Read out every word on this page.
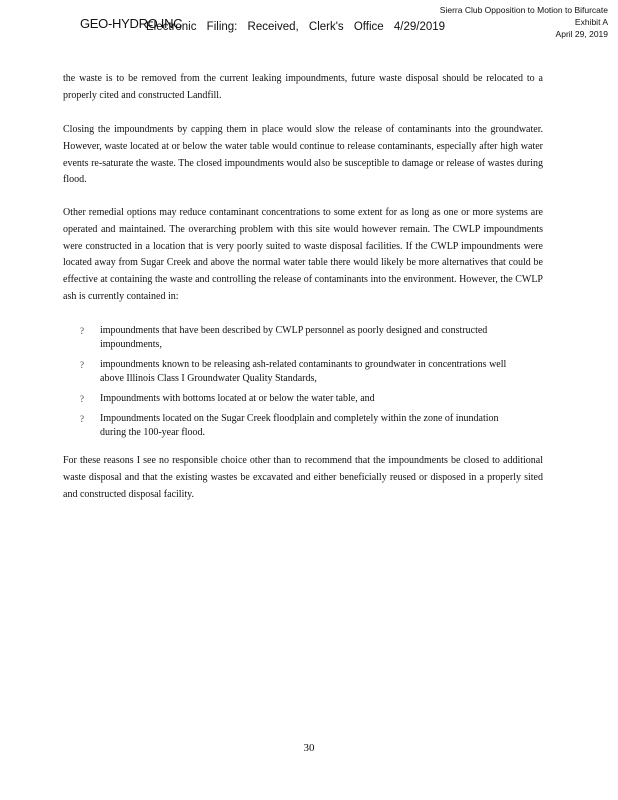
GEO-HYDRO INC
Electronic Filing: Received, Clerk's Office 4/29/2019
Sierra Club Opposition to Motion to Bifurcate
Exhibit A
April 29, 2019

the waste is to be removed from the current leaking impoundments, future waste disposal should be relocated to a properly cited and constructed Landfill.

Closing the impoundments by capping them in place would slow the release of contaminants into the groundwater. However, waste located at or below the water table would continue to release contaminants, especially after high water events re-saturate the waste. The closed impoundments would also be susceptible to damage or release of wastes during flood.

Other remedial options may reduce contaminant concentrations to some extent for as long as one or more systems are operated and maintained. The overarching problem with this site would however remain. The CWLP impoundments were constructed in a location that is very poorly suited to waste disposal facilities. If the CWLP impoundments were located away from Sugar Creek and above the normal water table there would likely be more alternatives that could be effective at containing the waste and controlling the release of contaminants into the environment. However, the CWLP ash is currently contained in:

? impoundments that have been described by CWLP personnel as poorly designed and constructed impoundments,
? impoundments known to be releasing ash-related contaminants to groundwater in concentrations well above Illinois Class I Groundwater Quality Standards,
? Impoundments with bottoms located at or below the water table, and
? Impoundments located on the Sugar Creek floodplain and completely within the zone of inundation during the 100-year flood.

For these reasons I see no responsible choice other than to recommend that the impoundments be closed to additional waste disposal and that the existing wastes be excavated and either beneficially reused or disposed in a properly sited and constructed disposal facility.

30
